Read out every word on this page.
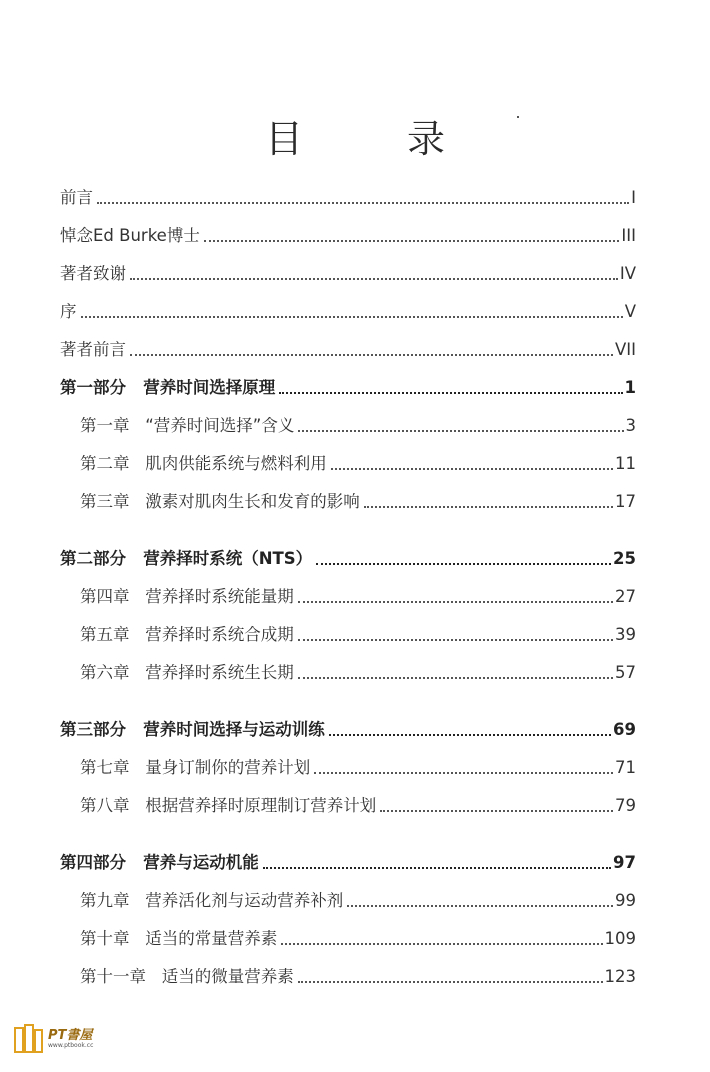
目 录
前言	I
悼念Ed Burke博士	III
著者致谢	IV
序	V
著者前言	VII
第一部分   营养时间选择原理	1
第一章   “营养时间选择”含义	3
第二章   肌肉供能系统与燃料利用	11
第三章   激素对肌肉生长和发育的影响	17
第二部分   营养择时系统（NTS）	25
第四章   营养择时系统能量期	27
第五章   营养择时系统合成期	39
第六章   营养择时系统生长期	57
第三部分   营养时间选择与运动训练	69
第七章   量身订制你的营养计划	71
第八章   根据营养择时原理制订营养计划	79
第四部分   营养与运动机能	97
第九章   营养活化剂与运动营养补剂	99
第十章   适当的常量营养素	109
第十一章   适当的微量营养素	123
PT書屋
www.ptbook.cc
